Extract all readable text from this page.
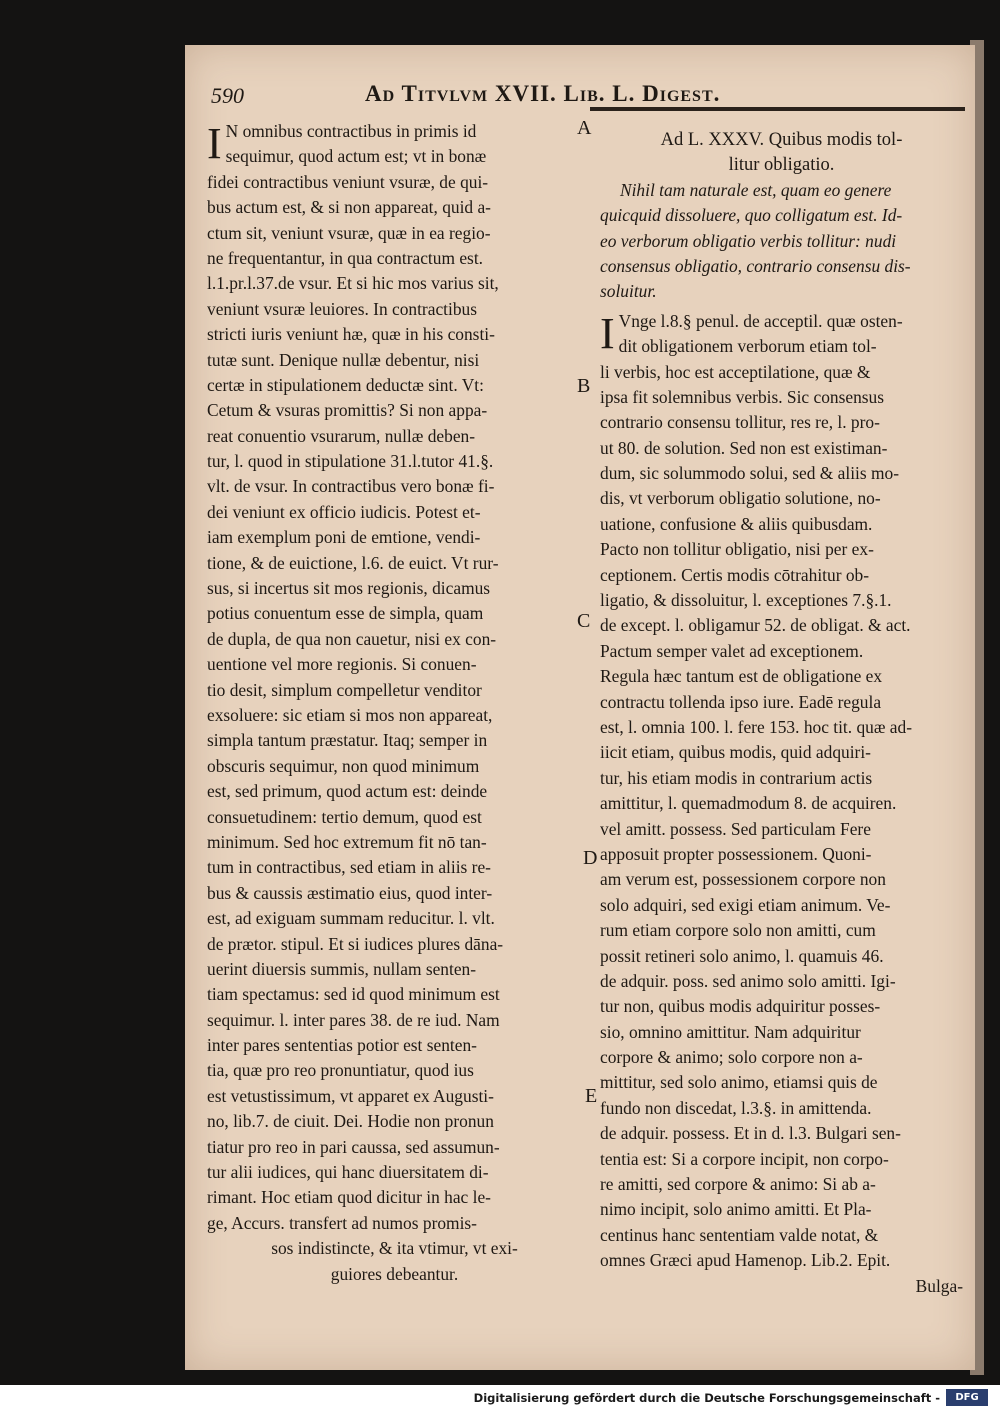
590	Ad Titvlvm XVII. Lib. L. Digest.
I N omnibus contractibus in primis id
sequimur, quod actum est; vt in bonæ
fidei contractibus veniunt vsuræ, de qui-
bus actum est, & si non appareat, quid a-
ctum sit, veniunt vsuræ, quæ in ea regio-
ne frequentantur, in qua contractum est.
l.1.pr.l.37.de vsur. Et si hic mos varius sit,
veniunt vsuræ leuiores. In contractibus
stricti iuris veniunt hæ, quæ in his consti-
tutæ sunt. Denique nullæ debentur, nisi
certæ in stipulationem deductæ sint. Vt:
Cetum & vsuras promittis? Si non appa-
reat conuentio vsurarum, nullæ deben-
tur, l. quod in stipulatione 31.l.tutor 41.§.
vlt. de vsur. In contractibus vero bonæ fi-
dei veniunt ex officio iudicis. Potest et-
iam exemplum poni de emtione, vendi-
tione, & de euictione, l.6. de euict. Vt rur-
sus, si incertus sit mos regionis, dicamus
potius conuentum esse de simpla, quam
de dupla, de qua non cauetur, nisi ex con-
uentione vel more regionis. Si conuen-
tio desit, simplum compelletur venditor
exsoluere: sic etiam si mos non appareat,
simpla tantum præstatur. Itaq; semper in
obscuris sequimur, non quod minimum
est, sed primum, quod actum est: deinde
consuetudinem: tertio demum, quod est
minimum. Sed hoc extremum fit nō tan-
tum in contractibus, sed etiam in aliis re-
bus & caussis æstimatio eius, quod inter-
est, ad exiguam summam reducitur. l. vlt.
de prætor. stipul. Et si iudices plures dāna-
uerint diuersis summis, nullam senten-
tiam spectamus: sed id quod minimum est
sequimur. l. inter pares 38. de re iud. Nam
inter pares sententias potior est senten-
tia, quæ pro reo pronuntiatur, quod ius
est vetustissimum, vt apparet ex Augusti-
no, lib.7. de ciuit. Dei. Hodie non pronun
tiatur pro reo in pari caussa, sed assumun-
tur alii iudices, qui hanc diuersitatem di-
rimant. Hoc etiam quod dicitur in hac le-
ge, Accurs. transfert ad numos promis-
sos indistincte, & ita vtimur, vt exi-
guiores debeantur.
A
B
C
D
E
Ad L. XXXV. Quibus modis tol-
litur obligatio.
Nihil tam naturale est, quam eo genere
quicquid dissoluere, quo colligatum est. Id-
eo verborum obligatio verbis tollitur: nudi
consensus obligatio, contrario consensu dis-
soluitur.
I Vnge l.8.§ penul. de acceptil. quæ osten-
dit obligationem verborum etiam tol-
li verbis, hoc est acceptilatione, quæ &
ipsa fit solemnibus verbis. Sic consensus
contrario consensu tollitur, res re, l. pro-
ut 80. de solution. Sed non est existiman-
dum, sic solummodo solui, sed & aliis mo-
dis, vt verborum obligatio solutione, no-
uatione, confusione & aliis quibusdam.
Pacto non tollitur obligatio, nisi per ex-
ceptionem. Certis modis cōtrahitur ob-
ligatio, & dissoluitur, l. exceptiones 7.§.1.
de except. l. obligamur 52. de obligat. & act.
Pactum semper valet ad exceptionem.
Regula hæc tantum est de obligatione ex
contractu tollenda ipso iure. Eadē regula
est, l. omnia 100. l. fere 153. hoc tit. quæ ad-
iicit etiam, quibus modis, quid adquiri-
tur, his etiam modis in contrarium actis
amittitur, l. quemadmodum 8. de acquiren.
vel amitt. possess. Sed particulam Fere
apposuit propter possessionem. Quoni-
am verum est, possessionem corpore non
solo adquiri, sed exigi etiam animum. Ve-
rum etiam corpore solo non amitti, cum
possit retineri solo animo, l. quamuis 46.
de adquir. poss. sed animo solo amitti. Igi-
tur non, quibus modis adquiritur posses-
sio, omnino amittitur. Nam adquiritur
corpore & animo; solo corpore non a-
mittitur, sed solo animo, etiamsi quis de
fundo non discedat, l.3.§. in amittenda.
de adquir. possess. Et in d. l.3. Bulgari sen-
tentia est: Si a corpore incipit, non corpo-
re amitti, sed corpore & animo: Si ab a-
nimo incipit, solo animo amitti. Et Pla-
centinus hanc sententiam valde notat, &
omnes Græci apud Hamenop. Lib.2. Epit.
Bulga-
Digitalisierung gefördert durch die Deutsche Forschungsgemeinschaft -	DFG
